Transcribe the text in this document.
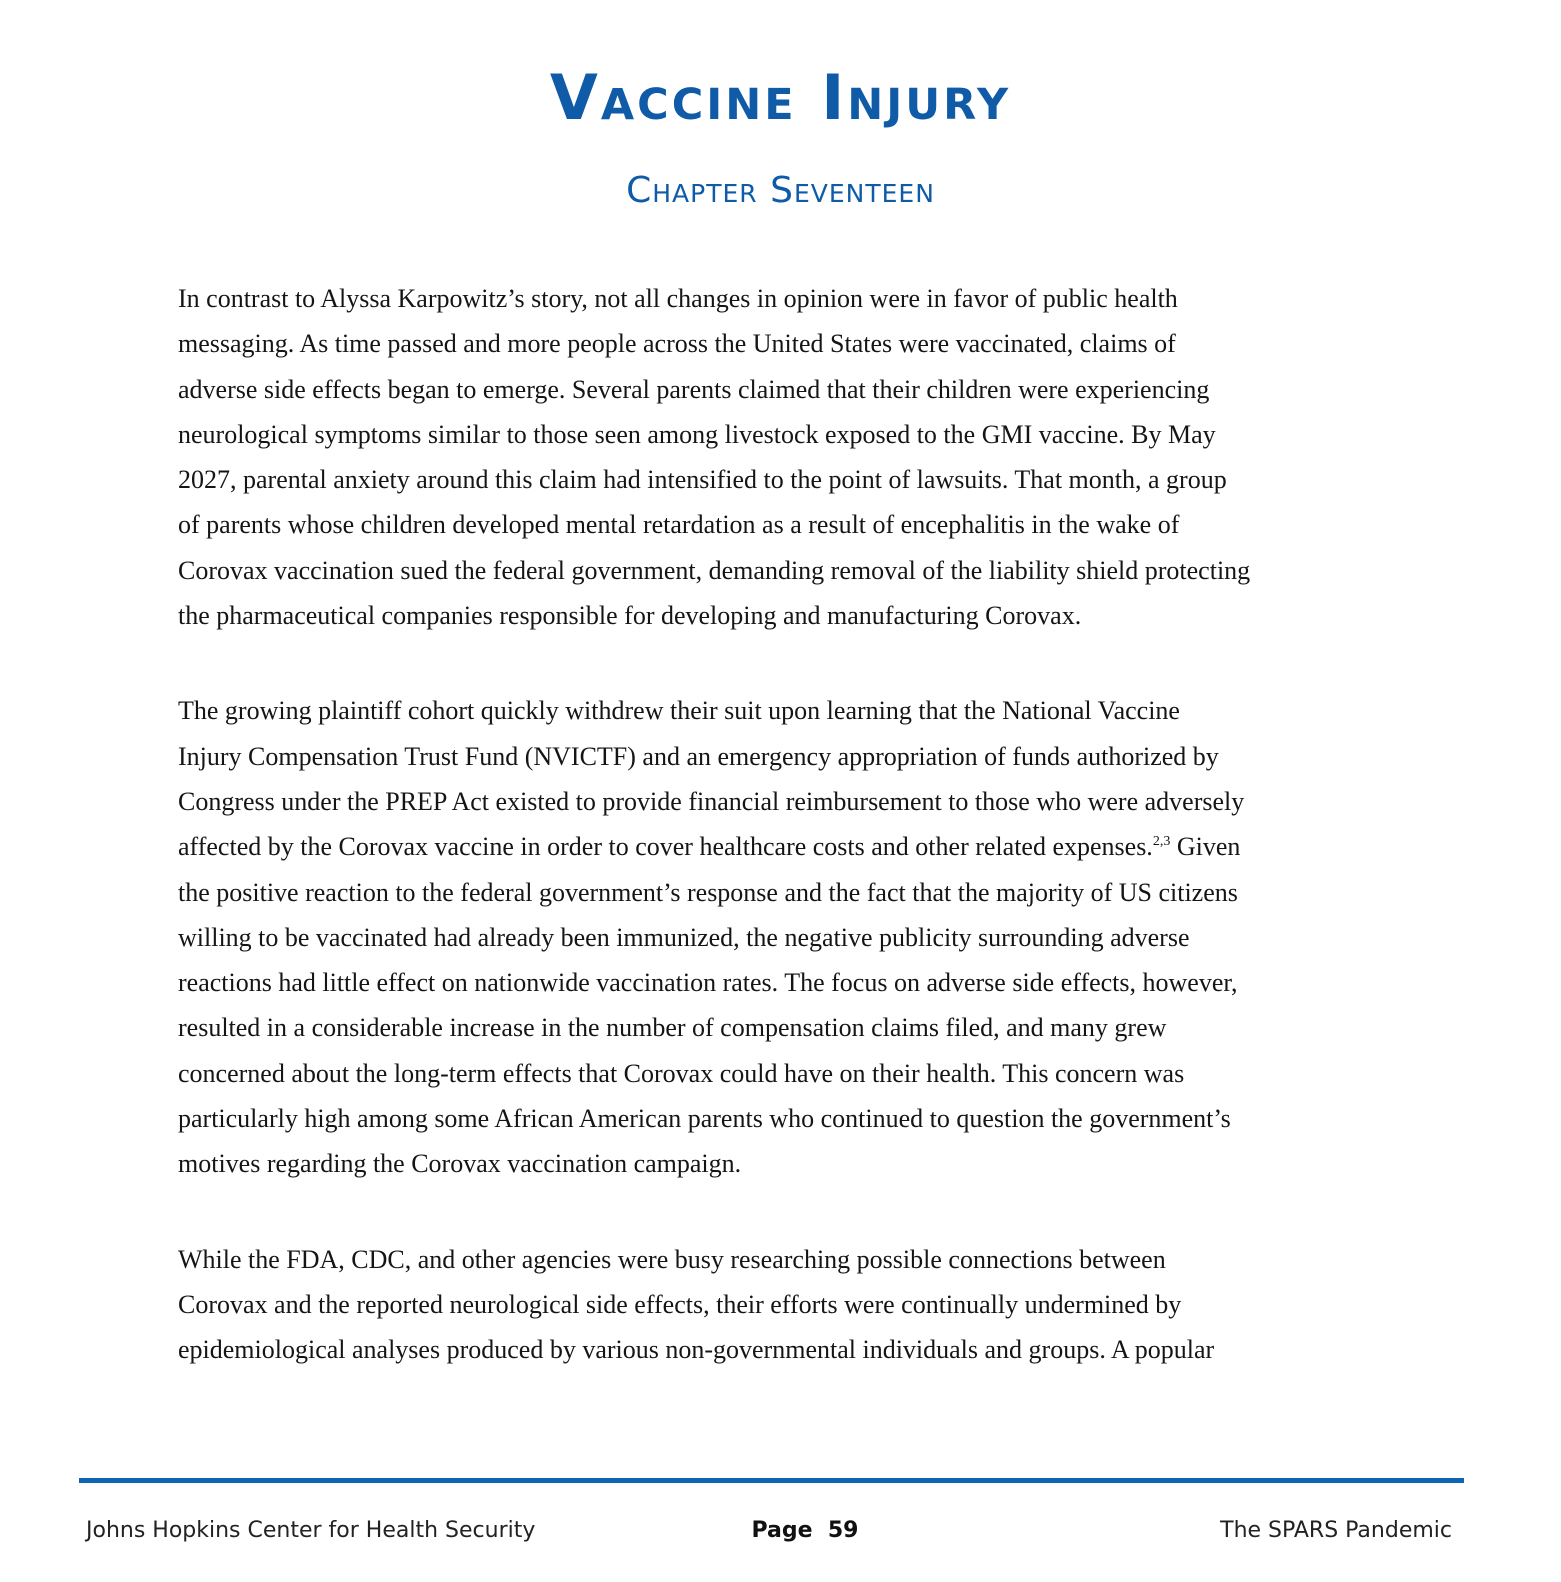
Vaccine Injury
Chapter Seventeen
In contrast to Alyssa Karpowitz’s story, not all changes in opinion were in favor of public health
messaging. As time passed and more people across the United States were vaccinated, claims of
adverse side effects began to emerge. Several parents claimed that their children were experiencing
neurological symptoms similar to those seen among livestock exposed to the GMI vaccine. By May
2027, parental anxiety around this claim had intensified to the point of lawsuits. That month, a group
of parents whose children developed mental retardation as a result of encephalitis in the wake of
Corovax vaccination sued the federal government, demanding removal of the liability shield protecting
the pharmaceutical companies responsible for developing and manufacturing Corovax.
The growing plaintiff cohort quickly withdrew their suit upon learning that the National Vaccine
Injury Compensation Trust Fund (NVICTF) and an emergency appropriation of funds authorized by
Congress under the PREP Act existed to provide financial reimbursement to those who were adversely
affected by the Corovax vaccine in order to cover healthcare costs and other related expenses.$^{2,3}$ Given
the positive reaction to the federal government’s response and the fact that the majority of US citizens
willing to be vaccinated had already been immunized, the negative publicity surrounding adverse
reactions had little effect on nationwide vaccination rates. The focus on adverse side effects, however,
resulted in a considerable increase in the number of compensation claims filed, and many grew
concerned about the long-term effects that Corovax could have on their health. This concern was
particularly high among some African American parents who continued to question the government’s
motives regarding the Corovax vaccination campaign.
While the FDA, CDC, and other agencies were busy researching possible connections between
Corovax and the reported neurological side effects, their efforts were continually undermined by
epidemiological analyses produced by various non-governmental individuals and groups. A popular
Johns Hopkins Center for Health Security	Page 59	The SPARS Pandemic
